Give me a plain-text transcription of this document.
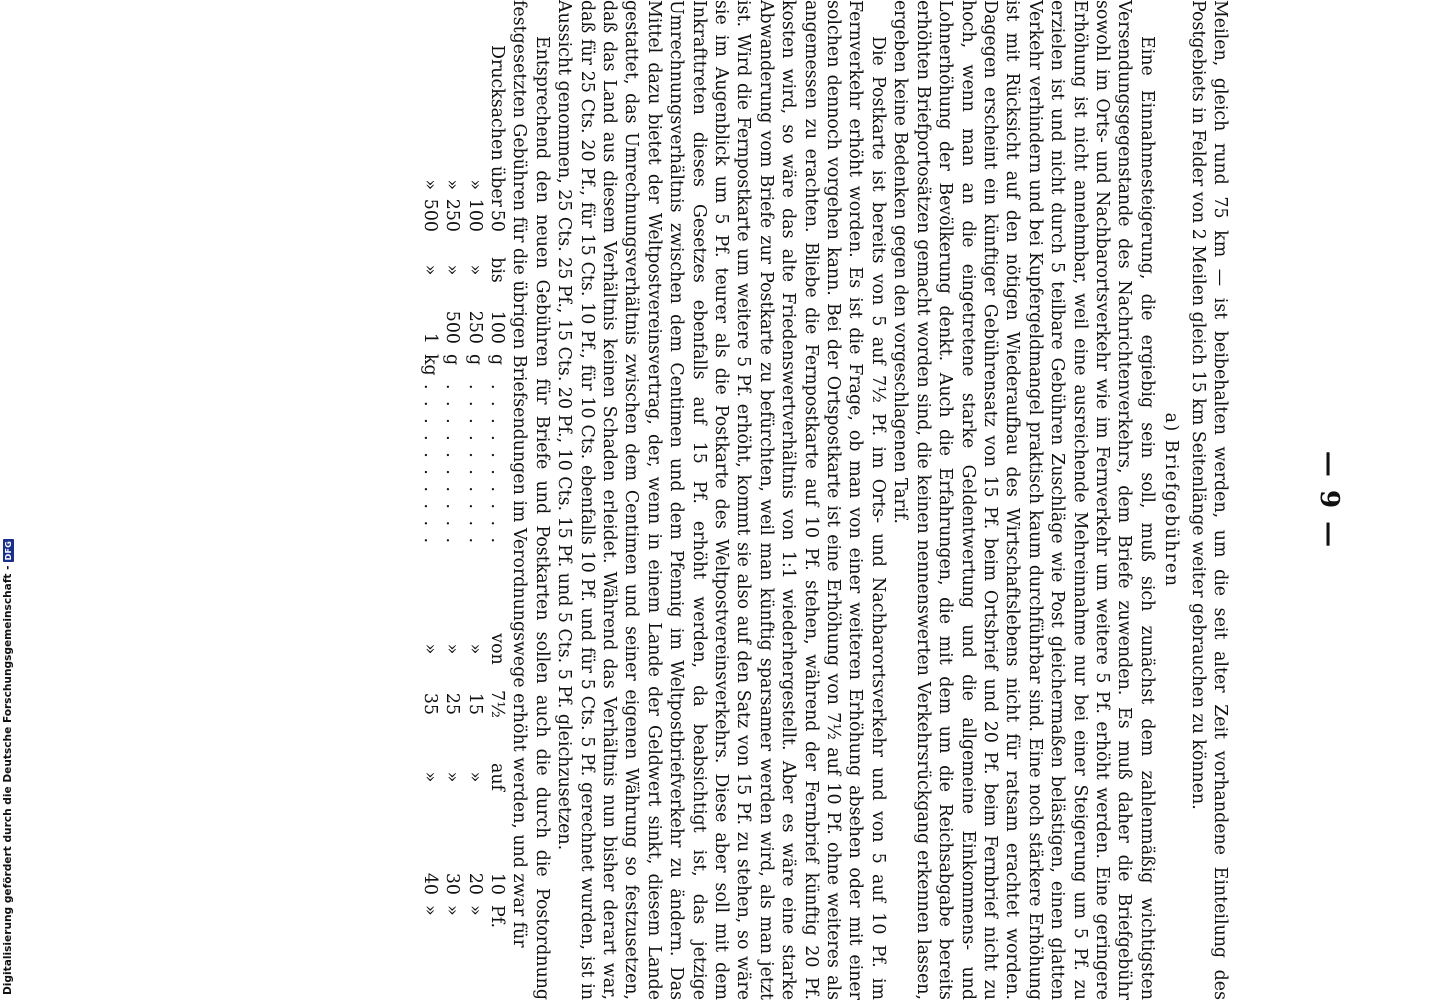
— 9 —

Meilen, gleich rund 75 km — ist beibehalten werden, um die seit alter Zeit vorhandene Einteilung des Postgebiets in Felder von 2 Meilen gleich 15 km Seitenlänge weiter gebrauchen zu können.

a) Briefgebühren

Eine Einnahmesteigerung, die ergiebig sein soll, muß sich zunächst dem zahlenmäßig wichtigsten Versendungsgegenstande des Nachrichtenverkehrs, dem Briefe zuwenden. Es muß daher die Briefgebühr sowohl im Orts- und Nachbarortsverkehr wie im Fernverkehr um weitere 5 Pf. erhöht werden. Eine geringere Erhöhung ist nicht annehmbar, weil eine ausreichende Mehreinnahme nur bei einer Steigerung um 5 Pf. zu erzielen ist und nicht durch 5 teilbare Gebühren Zuschläge wie Post gleichermaßen belästigen, einen glatten Verkehr verhindern und bei Kupfergeldmangel praktisch kaum durchführbar sind. Eine noch stärkere Erhöhung ist mit Rücksicht auf den nötigen Wiederaufbau des Wirtschaftslebens nicht für ratsam erachtet worden. Dagegen erscheint ein künftiger Gebührensatz von 15 Pf. beim Ortsbrief und 20 Pf. beim Fernbrief nicht zu hoch, wenn man an die eingetretene starke Geldentwertung und die allgemeine Einkommens- und Lohnerhöhung der Bevölkerung denkt. Auch die Erfahrungen, die mit dem um die Reichsabgabe bereits erhöhten Briefportosätzen gemacht worden sind, die keinen nennenswerten Verkehrsrückgang erkennen lassen, ergeben keine Bedenken gegen den vorgeschlagenen Tarif.

Die Postkarte ist bereits von 5 auf 7½ Pf. im Orts- und Nachbarortsverkehr und von 5 auf 10 Pf. im Fernverkehr erhöht worden. Es ist die Frage, ob man von einer weiteren Erhöhung absehen oder mit einer solchen dennoch vorgehen kann. Bei der Ortspostkarte ist eine Erhöhung von 7½ auf 10 Pf. ohne weiteres als angemessen zu erachten. Bliebe die Fernpostkarte auf 10 Pf. stehen, während der Fernbrief künftig 20 Pf. kosten wird, so wäre das alte Friedenswertverhältnis von 1:1 wiederhergestellt. Aber es wäre eine starke Abwanderung vom Briefe zur Postkarte zu befürchten, weil man künftig sparsamer werden wird, als man jetzt ist. Wird die Fernpostkarte um weitere 5 Pf. erhöht, kommt sie also auf den Satz von 15 Pf. zu stehen, so wäre sie im Augenblick um 5 Pf. teurer als die Postkarte des Weltpostvereinsverkehrs. Diese aber soll mit dem Inkrafttreten dieses Gesetzes ebenfalls auf 15 Pf. erhöht werden, da beabsichtigt ist, das jetzige Umrechnungsverhältnis zwischen dem Centimen und dem Pfennig im Weltpostbriefverkehr zu ändern. Das Mittel dazu bietet der Weltpostvereinsvertrag, der, wenn in einem Lande der Geldwert sinkt, diesem Lande gestattet, das Umrechnungsverhältnis zwischen dem Centimen und seiner eigenen Währung so festzusetzen, daß das Land aus diesem Verhältnis keinen Schaden erleidet. Während das Verhältnis nun bisher derart war, daß für 25 Cts. 20 Pf., für 15 Cts. 10 Pf., für 10 Cts. ebenfalls 10 Pf. und für 5 Cts. 5 Pf. gerechnet wurden, ist in Aussicht genommen, 25 Cts. 25 Pf., 15 Cts. 20 Pf., 10 Cts. 15 Pf. und 5 Cts. 5 Pf. gleichzusetzen.

Entsprechend den neuen Gebühren für Briefe und Postkarten sollen auch die durch die Postordnung festgesetzten Gebühren für die übrigen Briefsendungen im Verordnungswege erhöht werden, und zwar für

Drucksachen über
50
bis
100
g
. . . . . . . . . .
von
7½
auf
10
Pf.
»
100
»
250
g
. . . . . . . . . .
»
15
»
20
»
»
250
»
500
g
. . . . . . . . . .
»
25
»
30
»
»
500
»
1
kg
. . . . . . . . . .
»
35
»
40
»
Digitalisierung gefördert durch die Deutsche Forschungsgemeinschaft -
DFG
